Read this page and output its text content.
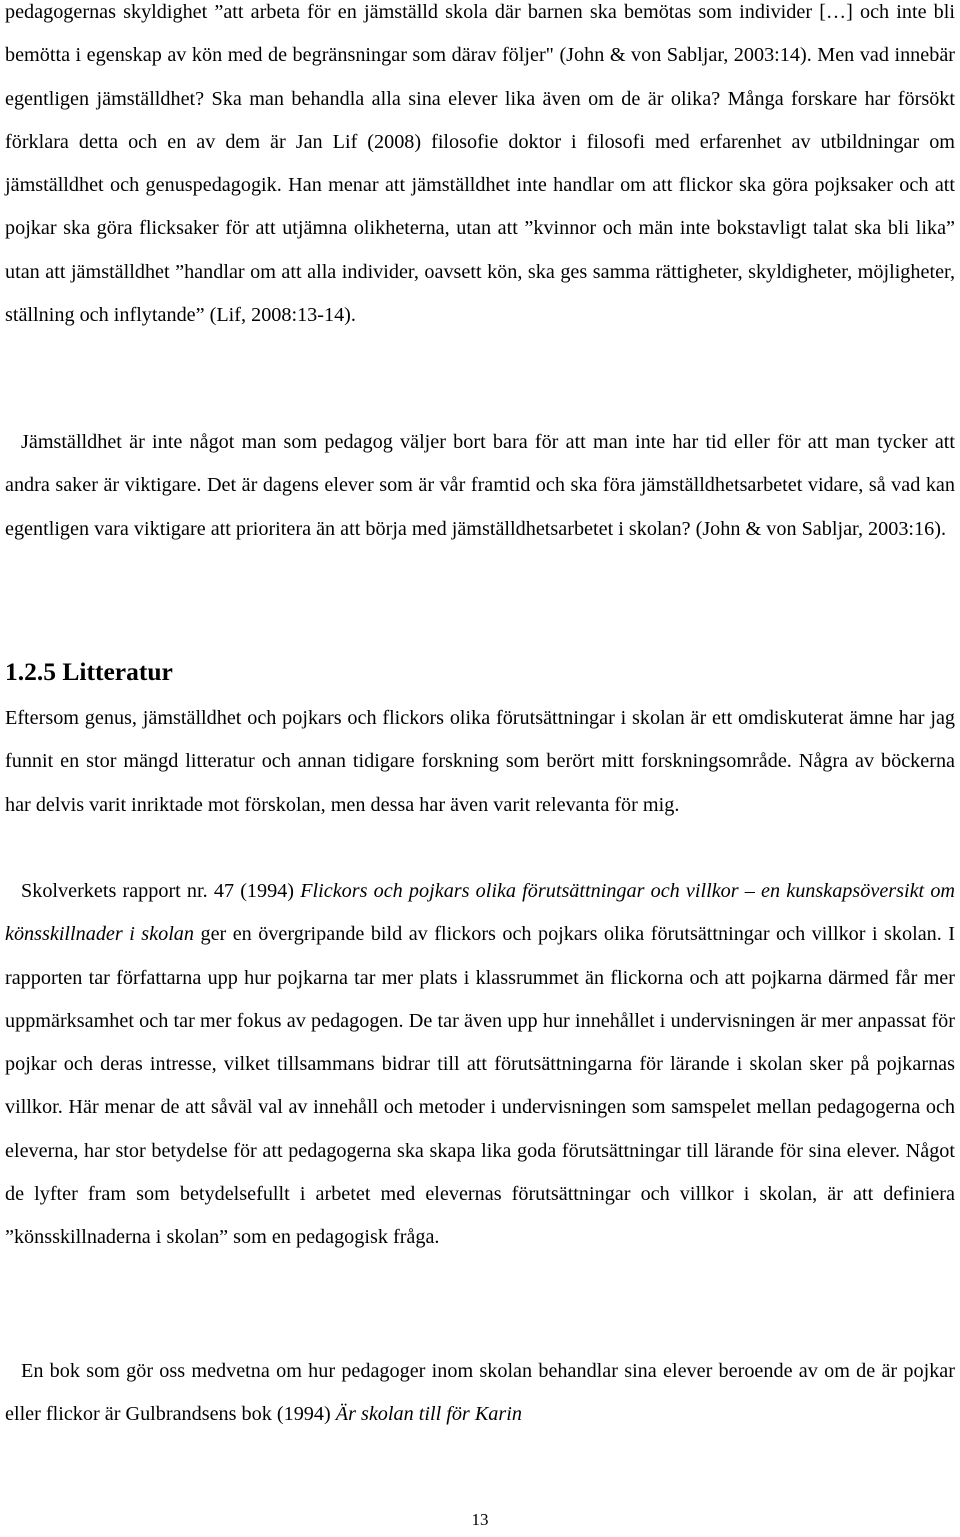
pedagogernas skyldighet ”att arbeta för en jämställd skola där barnen ska bemötas som individer […] och inte bli bemötta i egenskap av kön med de begränsningar som därav följer" (John & von Sabljar, 2003:14). Men vad innebär egentligen jämställdhet? Ska man behandla alla sina elever lika även om de är olika? Många forskare har försökt förklara detta och en av dem är Jan Lif (2008) filosofie doktor i filosofi med erfarenhet av utbildningar om jämställdhet och genuspedagogik. Han menar att jämställdhet inte handlar om att flickor ska göra pojksaker och att pojkar ska göra flicksaker för att utjämna olikheterna, utan att ”kvinnor och män inte bokstavligt talat ska bli lika” utan att jämställdhet ”handlar om att alla individer, oavsett kön, ska ges samma rättigheter, skyldigheter, möjligheter, ställning och inflytande” (Lif, 2008:13-14).

Jämställdhet är inte något man som pedagog väljer bort bara för att man inte har tid eller för att man tycker att andra saker är viktigare. Det är dagens elever som är vår framtid och ska föra jämställdhetsarbetet vidare, så vad kan egentligen vara viktigare att prioritera än att börja med jämställdhetsarbetet i skolan? (John & von Sabljar, 2003:16).

1.2.5 Litteratur

Eftersom genus, jämställdhet och pojkars och flickors olika förutsättningar i skolan är ett omdiskuterat ämne har jag funnit en stor mängd litteratur och annan tidigare forskning som berört mitt forskningsområde. Några av böckerna har delvis varit inriktade mot förskolan, men dessa har även varit relevanta för mig.

Skolverkets rapport nr. 47 (1994) Flickors och pojkars olika förutsättningar och villkor – en kunskapsöversikt om könsskillnader i skolan ger en övergripande bild av flickors och pojkars olika förutsättningar och villkor i skolan. I rapporten tar författarna upp hur pojkarna tar mer plats i klassrummet än flickorna och att pojkarna därmed får mer uppmärksamhet och tar mer fokus av pedagogen. De tar även upp hur innehållet i undervisningen är mer anpassat för pojkar och deras intresse, vilket tillsammans bidrar till att förutsättningarna för lärande i skolan sker på pojkarnas villkor. Här menar de att såväl val av innehåll och metoder i undervisningen som samspelet mellan pedagogerna och eleverna, har stor betydelse för att pedagogerna ska skapa lika goda förutsättningar till lärande för sina elever. Något de lyfter fram som betydelsefullt i arbetet med elevernas förutsättningar och villkor i skolan, är att definiera ”könsskillnaderna i skolan” som en pedagogisk fråga.

En bok som gör oss medvetna om hur pedagoger inom skolan behandlar sina elever beroende av om de är pojkar eller flickor är Gulbrandsens bok (1994) Är skolan till för Karin

13
